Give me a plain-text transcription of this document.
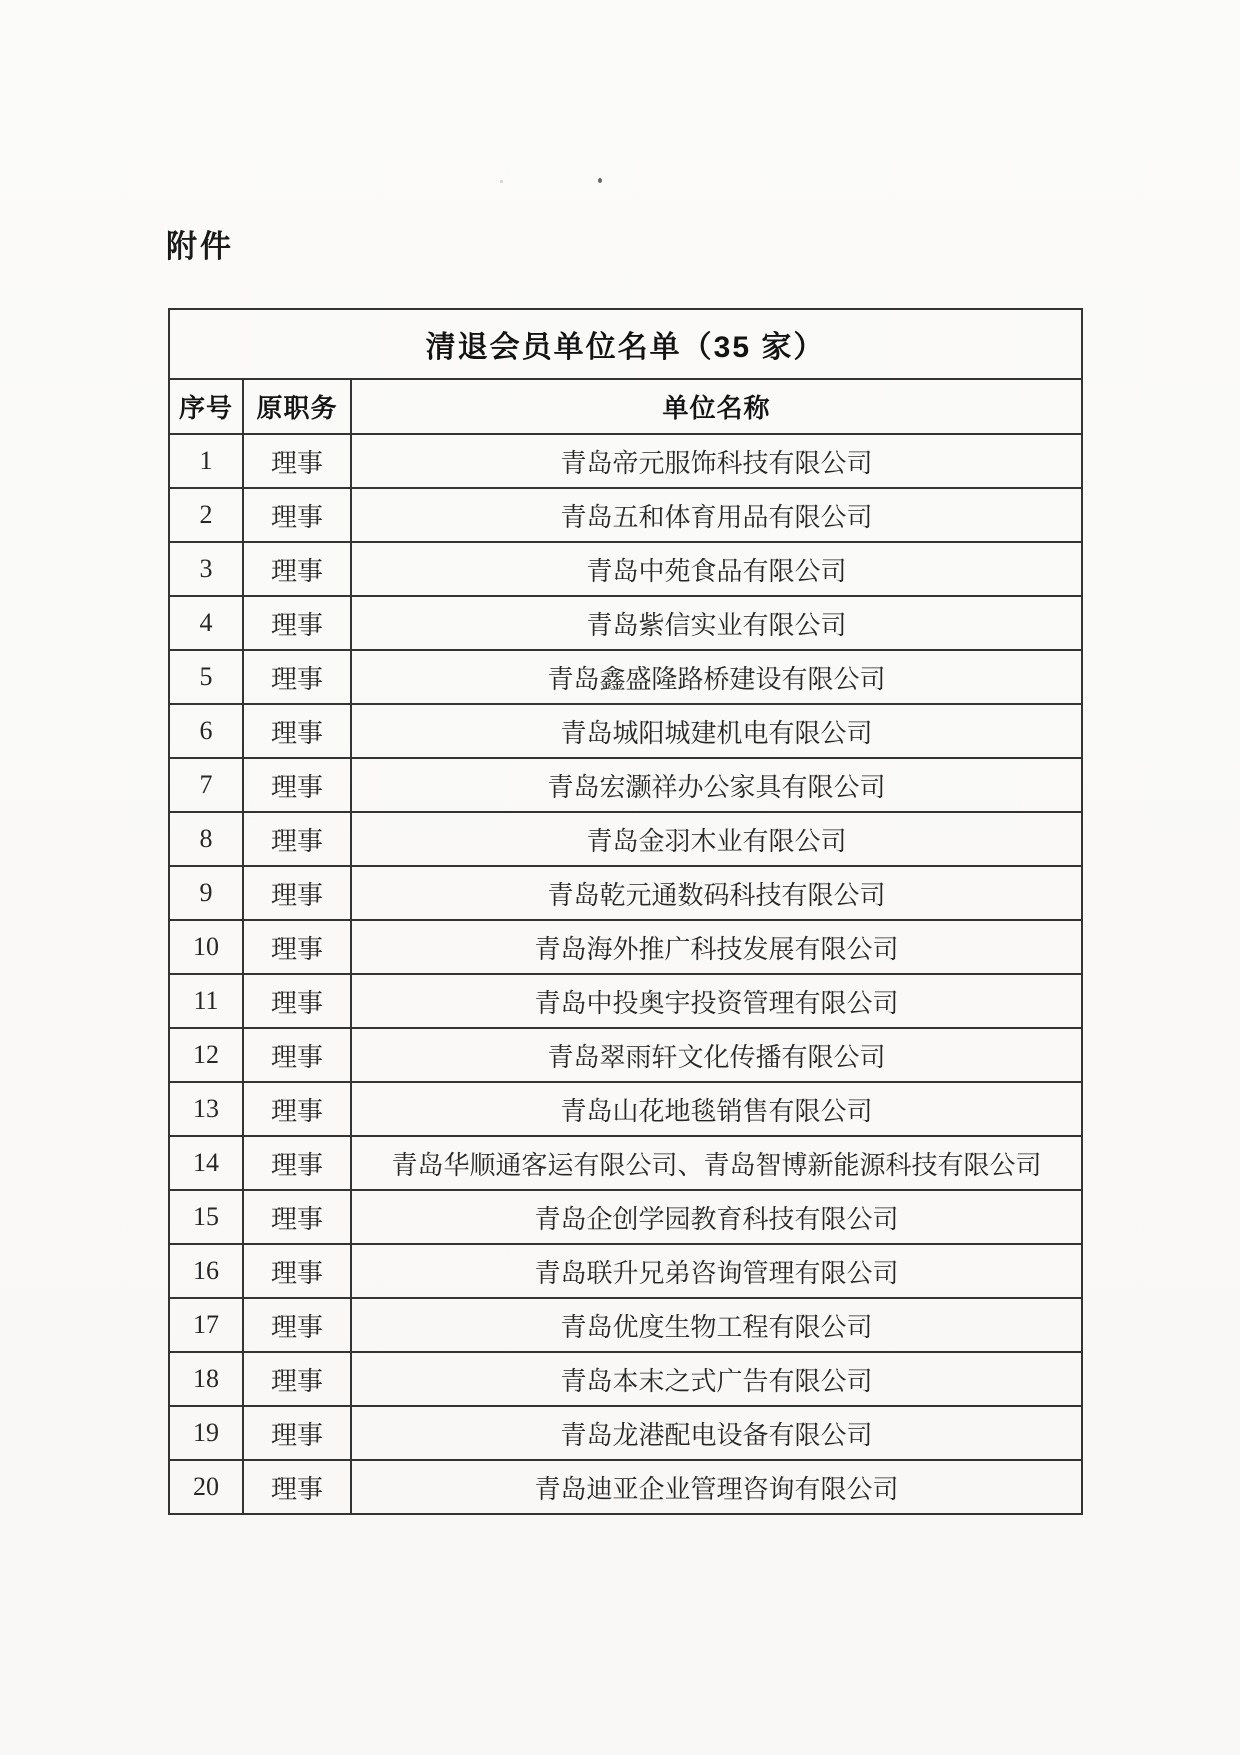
附件
清退会员单位名单（35 家）		
序号	原职务	单位名称
1	理事	青岛帝元服饰科技有限公司
2	理事	青岛五和体育用品有限公司
3	理事	青岛中苑食品有限公司
4	理事	青岛紫信实业有限公司
5	理事	青岛鑫盛隆路桥建设有限公司
6	理事	青岛城阳城建机电有限公司
7	理事	青岛宏灏祥办公家具有限公司
8	理事	青岛金羽木业有限公司
9	理事	青岛乾元通数码科技有限公司
10	理事	青岛海外推广科技发展有限公司
11	理事	青岛中投奥宇投资管理有限公司
12	理事	青岛翠雨轩文化传播有限公司
13	理事	青岛山花地毯销售有限公司
14	理事	青岛华顺通客运有限公司、青岛智博新能源科技有限公司
15	理事	青岛企创学园教育科技有限公司
16	理事	青岛联升兄弟咨询管理有限公司
17	理事	青岛优度生物工程有限公司
18	理事	青岛本末之式广告有限公司
19	理事	青岛龙港配电设备有限公司
20	理事	青岛迪亚企业管理咨询有限公司
